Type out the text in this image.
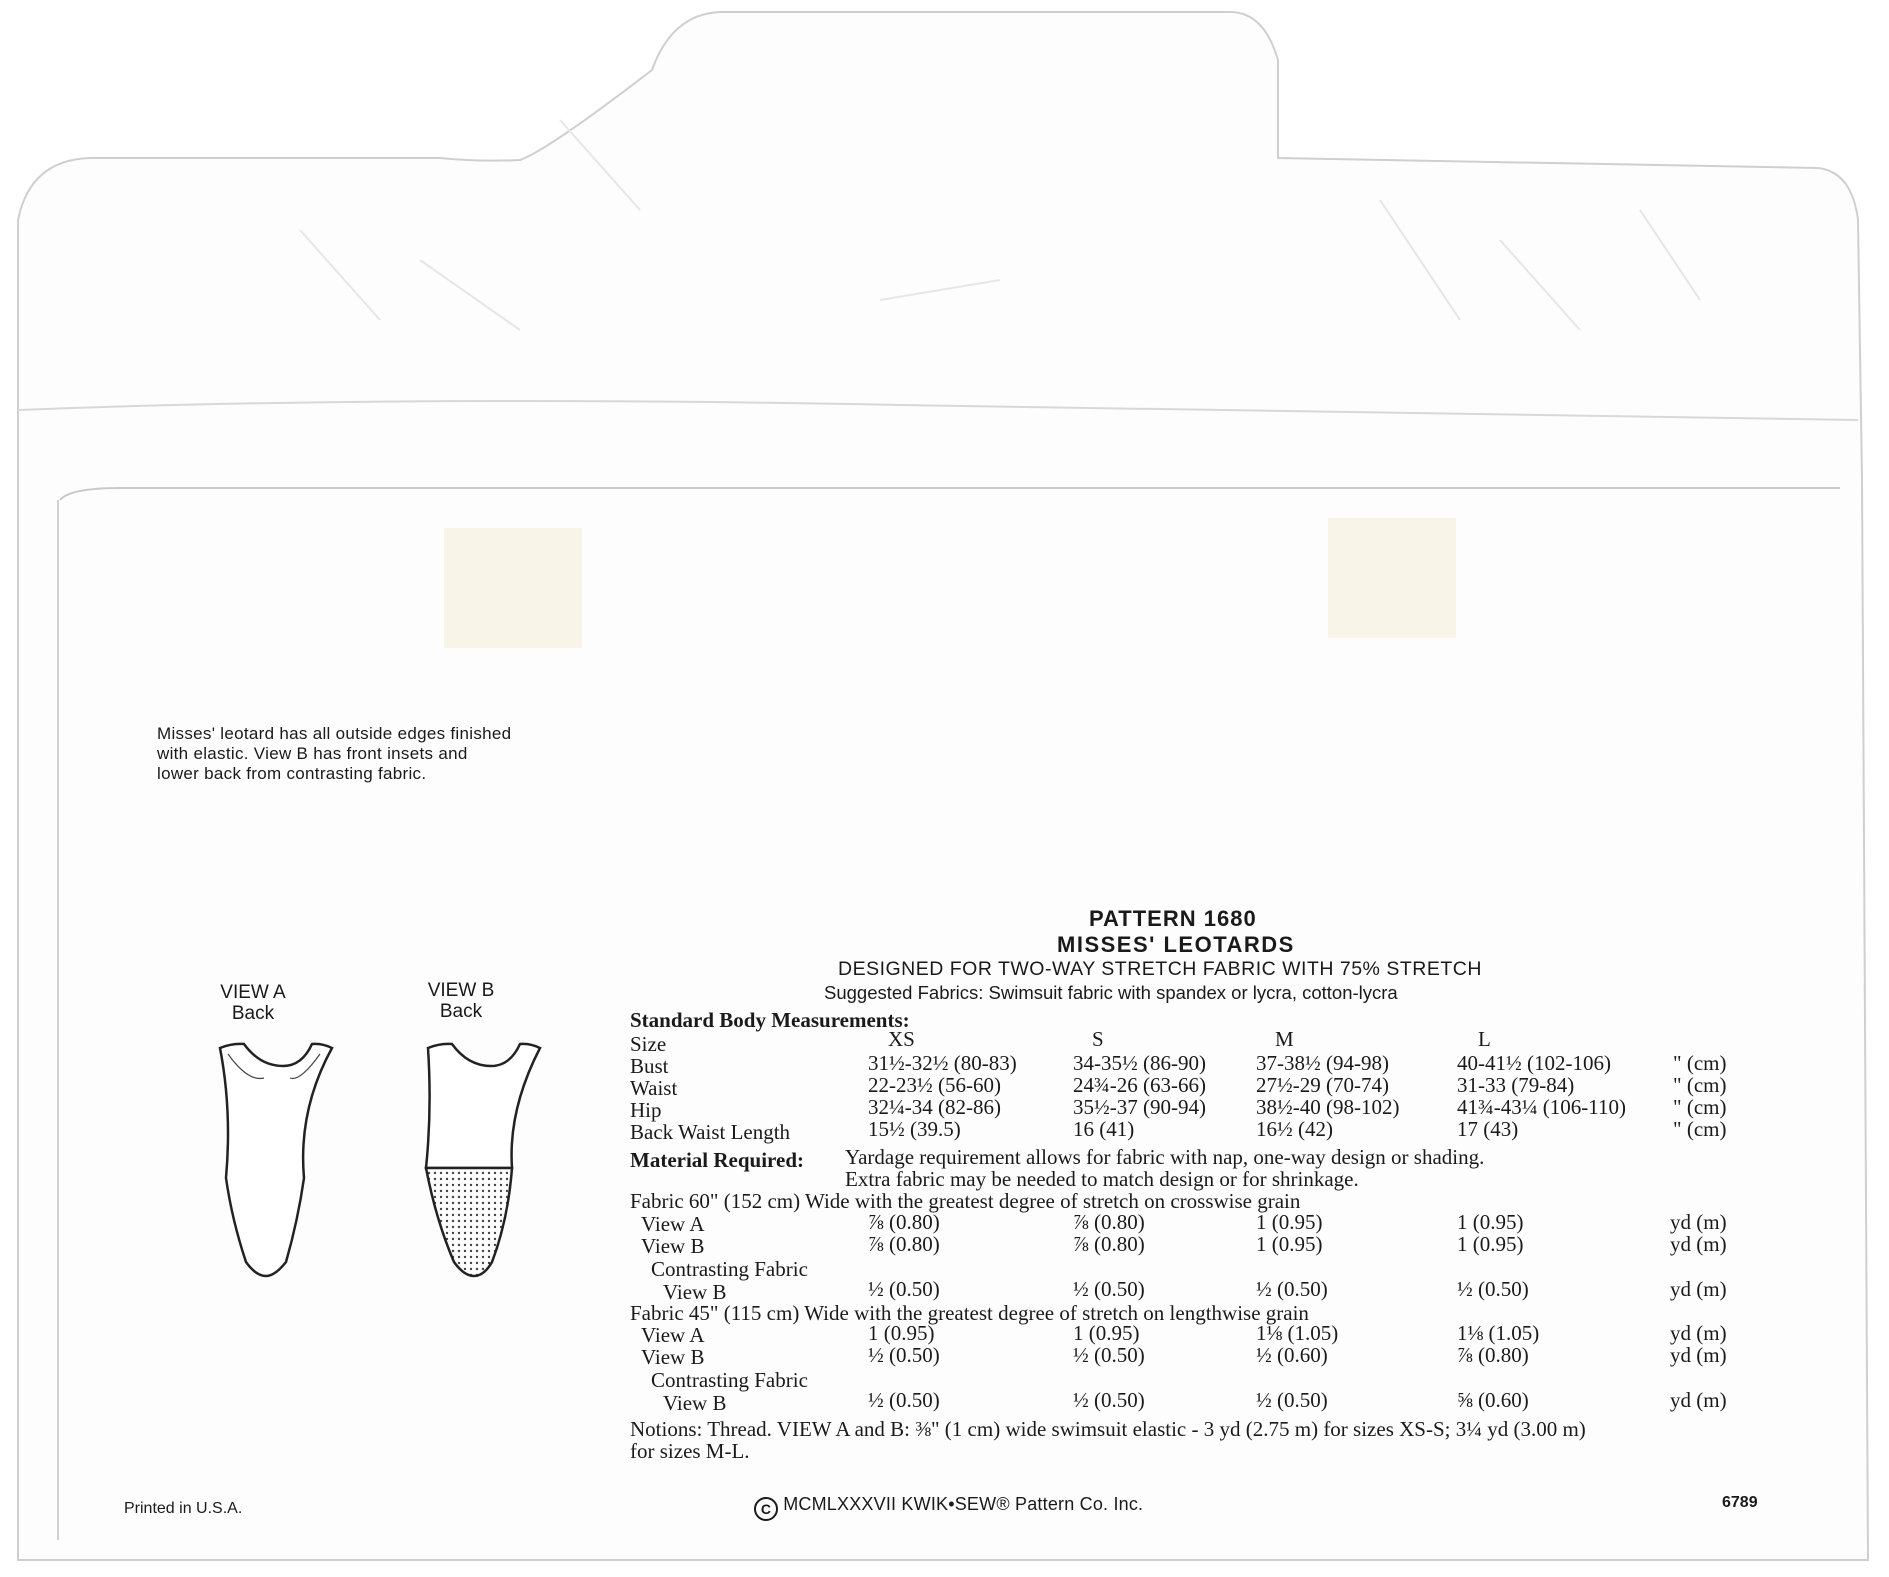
Misses' leotard has all outside edges finished
with elastic. View B has front insets and
lower back from contrasting fabric.
VIEW A
Back
VIEW B
Back
PATTERN 1680
MISSES' LEOTARDS
DESIGNED FOR TWO-WAY STRETCH FABRIC WITH 75% STRETCH
Suggested Fabrics: Swimsuit fabric with spandex or lycra, cotton-lycra
Standard Body Measurements:
Size	XS	S	M	L
Bust	31½-32½ (80-83)	34-35½ (86-90) 37-38½ (94-98)	40-41½ (102-106)	" (cm)
Waist	22-23½ (56-60)	24¾-26 (63-66) 27½-29 (70-74)	31-33 (79-84)	" (cm)
Hip	32¼-34 (82-86)	35½-37 (90-94) 38½-40 (98-102)	41¾-43¼ (106-110) " (cm)
Back Waist Length	15½ (39.5)	16 (41)	16½ (42)	17 (43)	" (cm)
Material Required: Yardage requirement allows for fabric with nap, one-way design or shading.
Extra fabric may be needed to match design or for shrinkage.
Fabric 60" (152 cm) Wide with the greatest degree of stretch on crosswise grain
View A	⅞ (0.80)	⅞ (0.80)	1 (0.95)	1 (0.95)	yd (m)
View B	⅞ (0.80)	⅞ (0.80)	1 (0.95)	1 (0.95)	yd (m)
Contrasting Fabric
View B	½ (0.50)	½ (0.50)	½ (0.50)	½ (0.50)	yd (m)
Fabric 45" (115 cm) Wide with the greatest degree of stretch on lengthwise grain
View A	1 (0.95)	1 (0.95)	1⅛ (1.05)	1⅛ (1.05)	yd (m)
View B	½ (0.50)	½ (0.50)	½ (0.60)	⅞ (0.80)	yd (m)
Contrasting Fabric
View B	½ (0.50)	½ (0.50)	½ (0.50)	⅝ (0.60)	yd (m)
Notions: Thread. VIEW A and B: ⅜" (1 cm) wide swimsuit elastic - 3 yd (2.75 m) for sizes XS-S; 3¼ yd (3.00 m)
for sizes M-L.
Printed in U.S.A.	C MCMLXXXVII KWIK•SEW® Pattern Co. Inc.	6789
